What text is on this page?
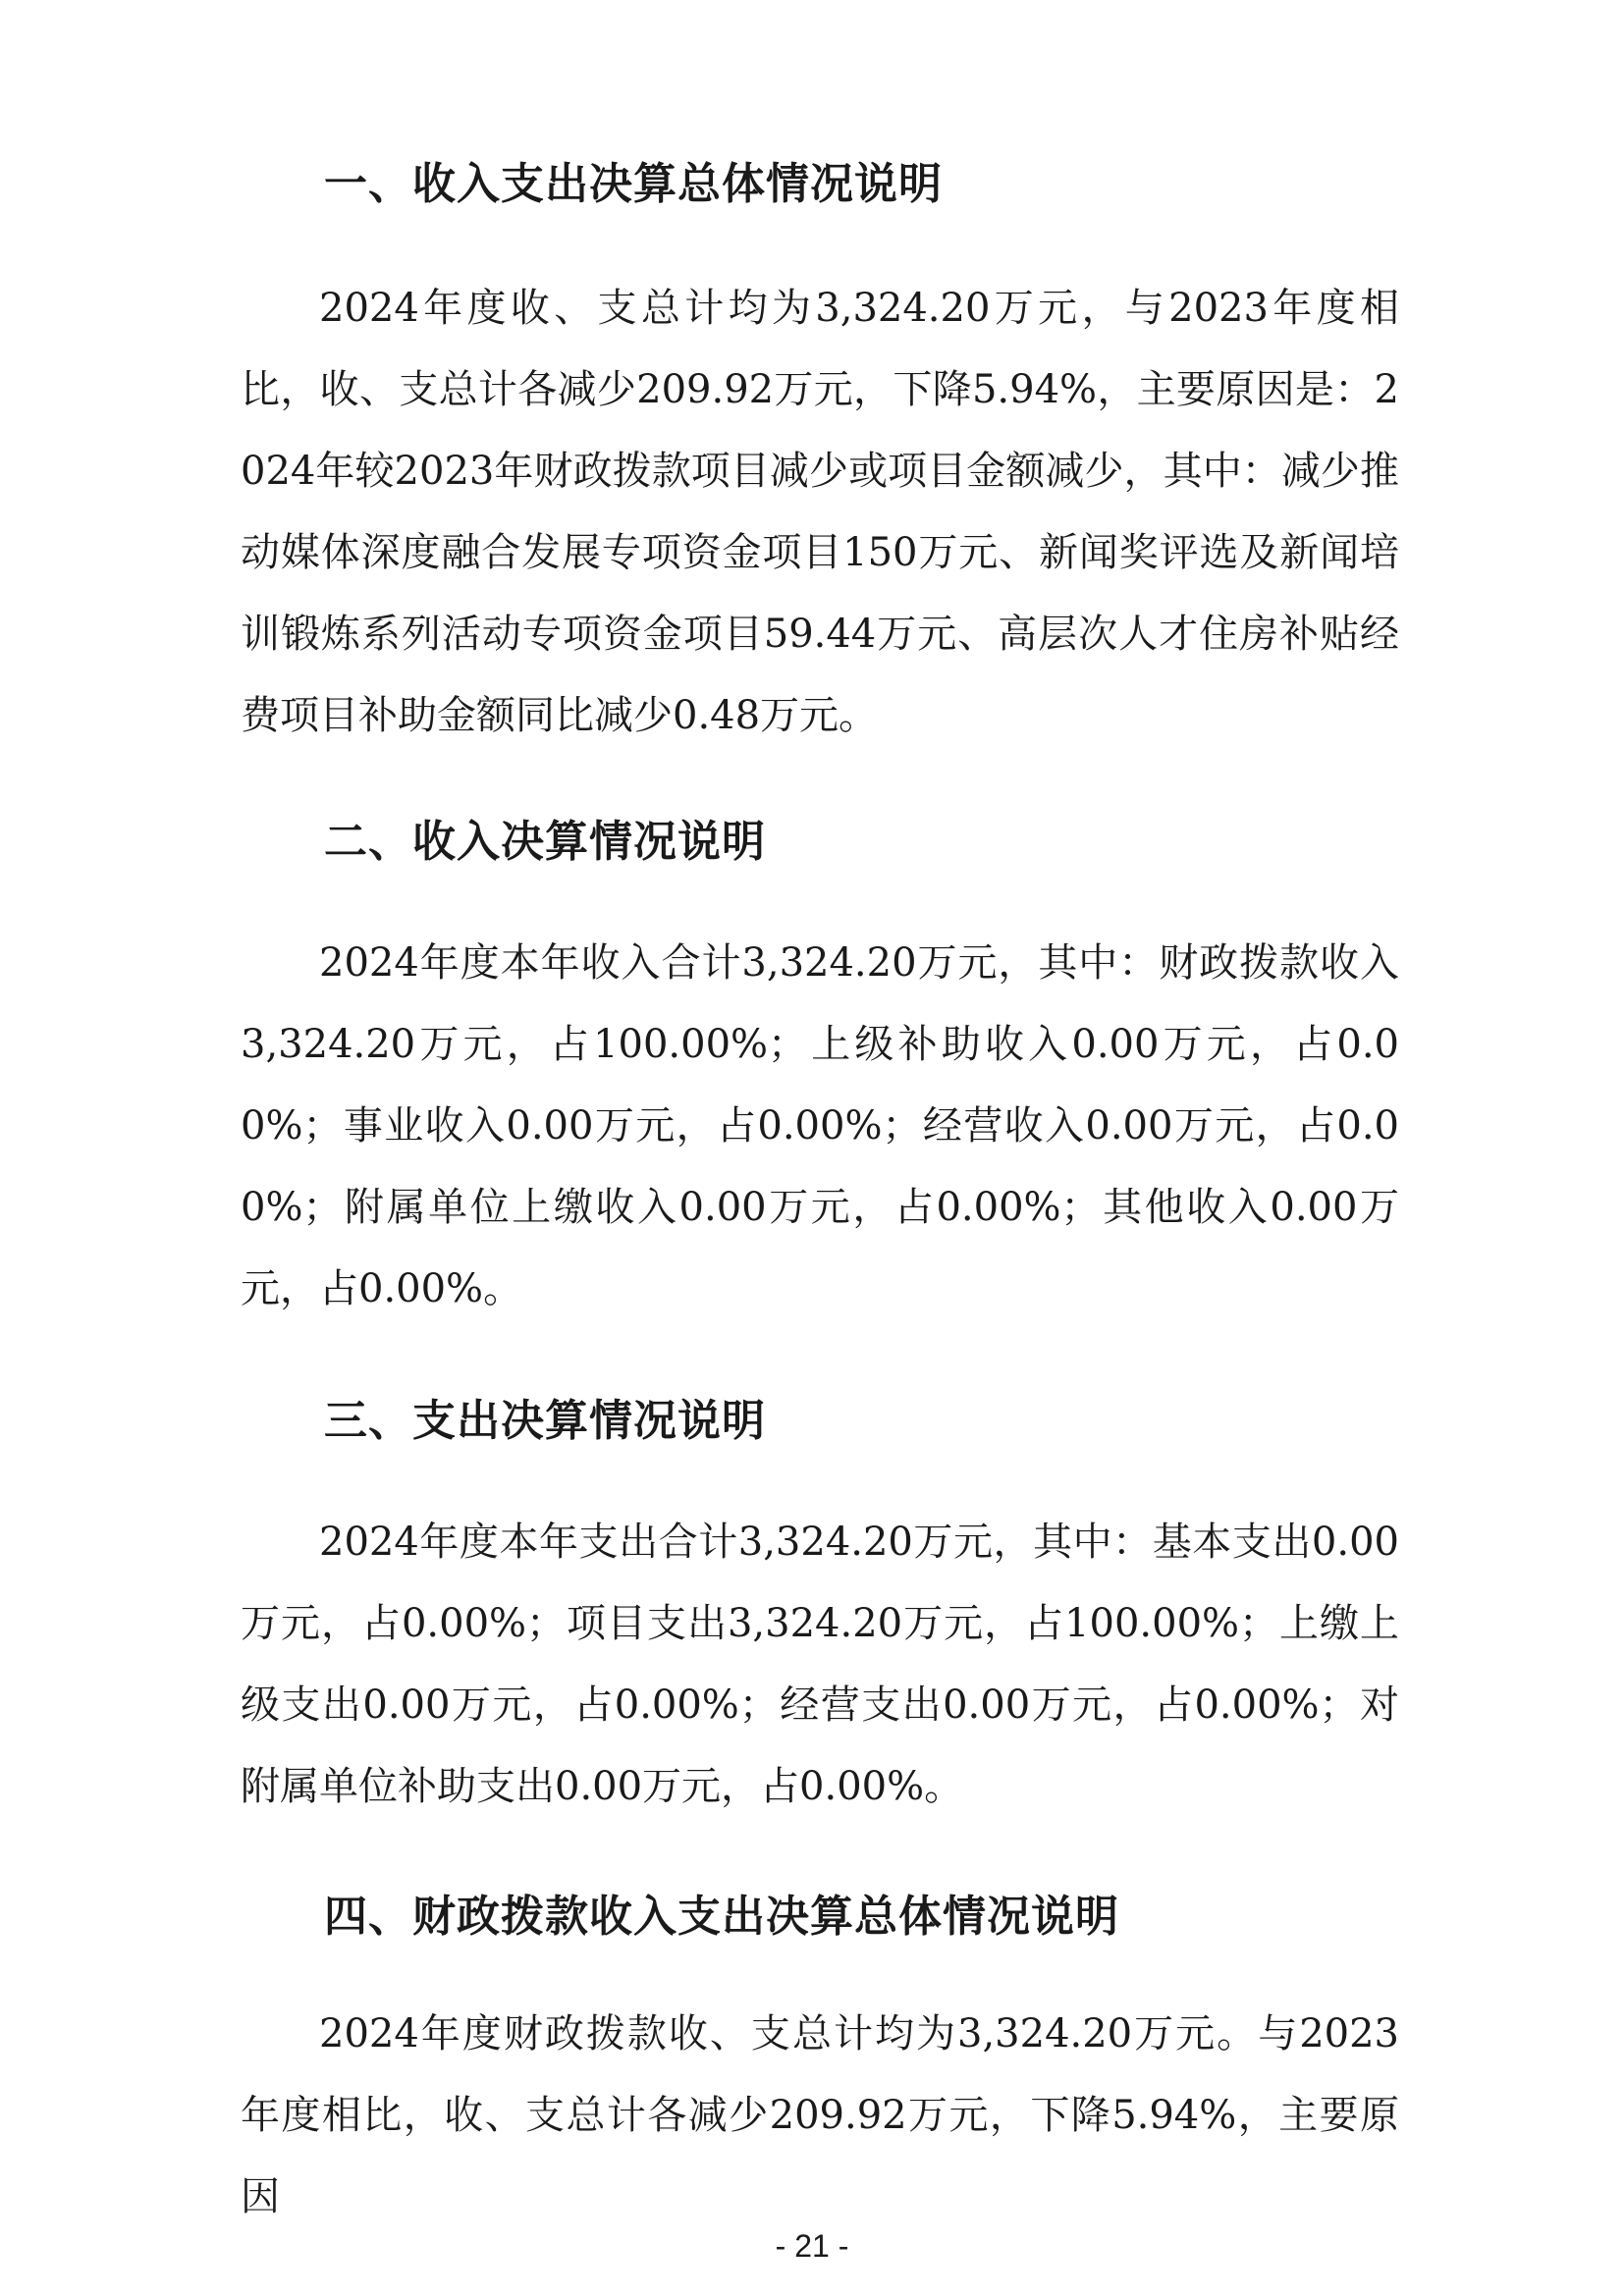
一、收入支出决算总体情况说明

2024年度收、支总计均为3,324.20万元，与2023年度相比，收、支总计各减少209.92万元，下降5.94%，主要原因是：2024年较2023年财政拨款项目减少或项目金额减少，其中：减少推动媒体深度融合发展专项资金项目150万元、新闻奖评选及新闻培训锻炼系列活动专项资金项目59.44万元、高层次人才住房补贴经费项目补助金额同比减少0.48万元。

二、收入决算情况说明

2024年度本年收入合计3,324.20万元，其中：财政拨款收入3,324.20万元，占100.00%；上级补助收入0.00万元，占0.00%；事业收入0.00万元，占0.00%；经营收入0.00万元，占0.00%；附属单位上缴收入0.00万元，占0.00%；其他收入0.00万元，占0.00%。

三、支出决算情况说明

2024年度本年支出合计3,324.20万元，其中：基本支出0.00万元，占0.00%；项目支出3,324.20万元，占100.00%；上缴上级支出0.00万元，占0.00%；经营支出0.00万元，占0.00%；对附属单位补助支出0.00万元，占0.00%。

四、财政拨款收入支出决算总体情况说明

2024年度财政拨款收、支总计均为3,324.20万元。与2023年度相比，收、支总计各减少209.92万元，下降5.94%，主要原因

- 21 -
